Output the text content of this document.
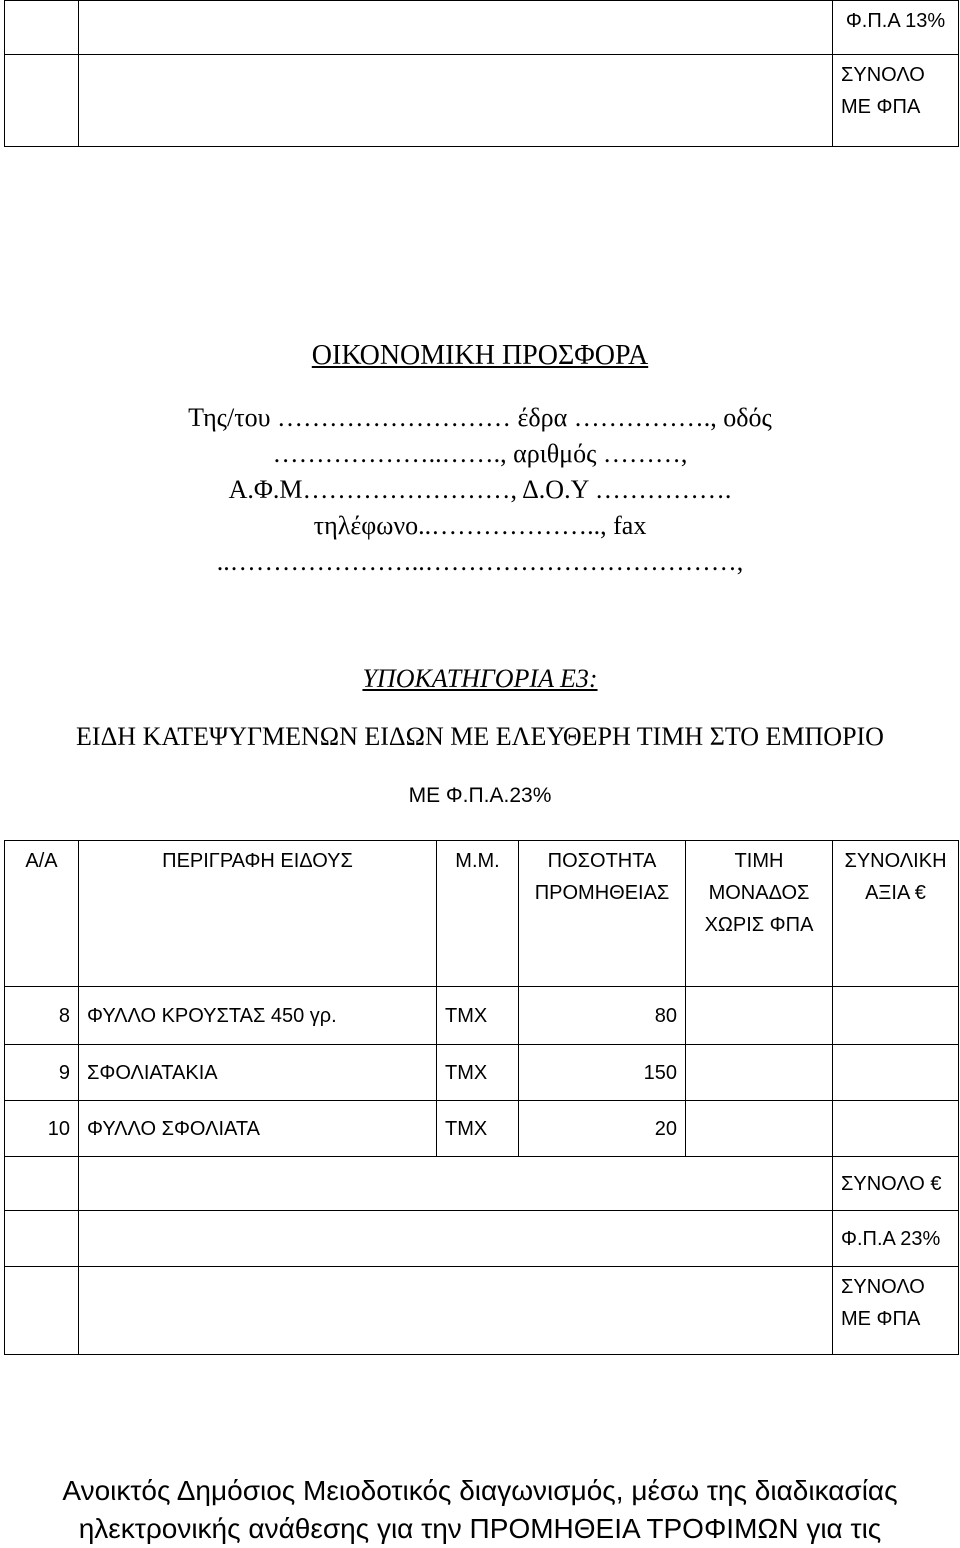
		Φ.Π.Α 13%
		ΣΥΝΟΛΟ ΜΕ ΦΠΑ

ΟΙΚΟΝΟΜΙΚΗ ΠΡΟΣΦΟΡΑ

Της/του ……………………… έδρα ……………., οδός
………………..……., αριθμός ………,
Α.Φ.Μ……………………, Δ.Ο.Υ …………….
τηλέφωνο..……………….., fax
..…………………..………………………………,
ΥΠΟΚΑΤΗΓΟΡΙΑ Ε3:
ΕΙΔΗ ΚΑΤΕΨΥΓΜΕΝΩΝ ΕΙΔΩΝ ΜΕ ΕΛΕΥΘΕΡΗ ΤΙΜΗ ΣΤΟ ΕΜΠΟΡΙΟ
ΜΕ Φ.Π.Α.23%
Α/Α	ΠΕΡΙΓΡΑΦΗ ΕΙΔΟΥΣ	Μ.Μ.	ΠΟΣΟΤΗΤΑ ΠΡΟΜΗΘΕΙΑΣ	ΤΙΜΗ ΜΟΝΑΔΟΣ ΧΩΡΙΣ ΦΠΑ	ΣΥΝΟΛΙΚΗ ΑΞΙΑ €
8	ΦΥΛΛΟ ΚΡΟΥΣΤΑΣ 450 γρ.	ΤΜΧ	80		
9	ΣΦΟΛΙΑΤΑΚΙΑ	ΤΜΧ	150		
10	ΦΥΛΛΟ ΣΦΟΛΙΑΤΑ	ΤΜΧ	20		
					ΣΥΝΟΛΟ €
					Φ.Π.Α 23%
					ΣΥΝΟΛΟ ΜΕ ΦΠΑ
Ανοικτός Δημόσιος Μειοδοτικός διαγωνισμός, μέσω της διαδικασίας
ηλεκτρονικής ανάθεσης για την ΠΡΟΜΗΘΕΙΑ ΤΡΟΦΙΜΩΝ για τις
